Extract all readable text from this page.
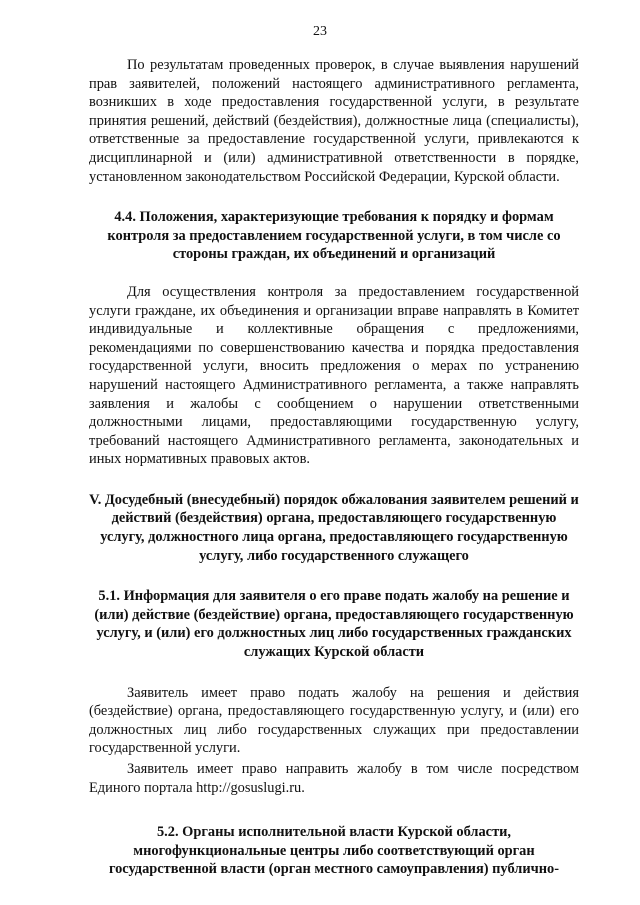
23

По результатам проведенных проверок, в случае выявления нарушений прав заявителей, положений настоящего административного регламента, возникших в ходе предоставления государственной услуги, в результате принятия решений, действий (бездействия), должностные лица (специалисты), ответственные за предоставление государственной услуги, привлекаются к дисциплинарной и (или) административной ответственности в порядке, установленном законодательством Российской Федерации, Курской области.

4.4. Положения, характеризующие требования к порядку и формам контроля за предоставлением государственной услуги, в том числе со стороны граждан, их объединений и организаций

Для осуществления контроля за предоставлением государственной услуги граждане, их объединения и организации вправе направлять в Комитет индивидуальные и коллективные обращения с предложениями, рекомендациями по совершенствованию качества и порядка предоставления государственной услуги, вносить предложения о мерах по устранению нарушений настоящего Административного регламента, а также направлять заявления и жалобы с сообщением о нарушении ответственными должностными лицами, предоставляющими государственную услугу, требований настоящего Административного регламента, законодательных и иных нормативных правовых актов.

V. Досудебный (внесудебный) порядок обжалования заявителем решений и действий (бездействия) органа, предоставляющего государственную услугу, должностного лица органа, предоставляющего государственную услугу, либо государственного служащего
5.1. Информация для заявителя о его праве подать жалобу на решение и (или) действие (бездействие) органа, предоставляющего государственную услугу, и (или) его должностных лиц либо государственных гражданских служащих Курской области

Заявитель имеет право подать жалобу на решения и действия (бездействие) органа, предоставляющего государственную услугу, и (или) его должностных лиц либо государственных служащих при предоставлении государственной услуги.

Заявитель имеет право направить жалобу в том числе посредством Единого портала http://gosuslugi.ru.

5.2. Органы исполнительной власти Курской области, многофункциональные центры либо соответствующий орган государственной власти (орган местного самоуправления) публично-
